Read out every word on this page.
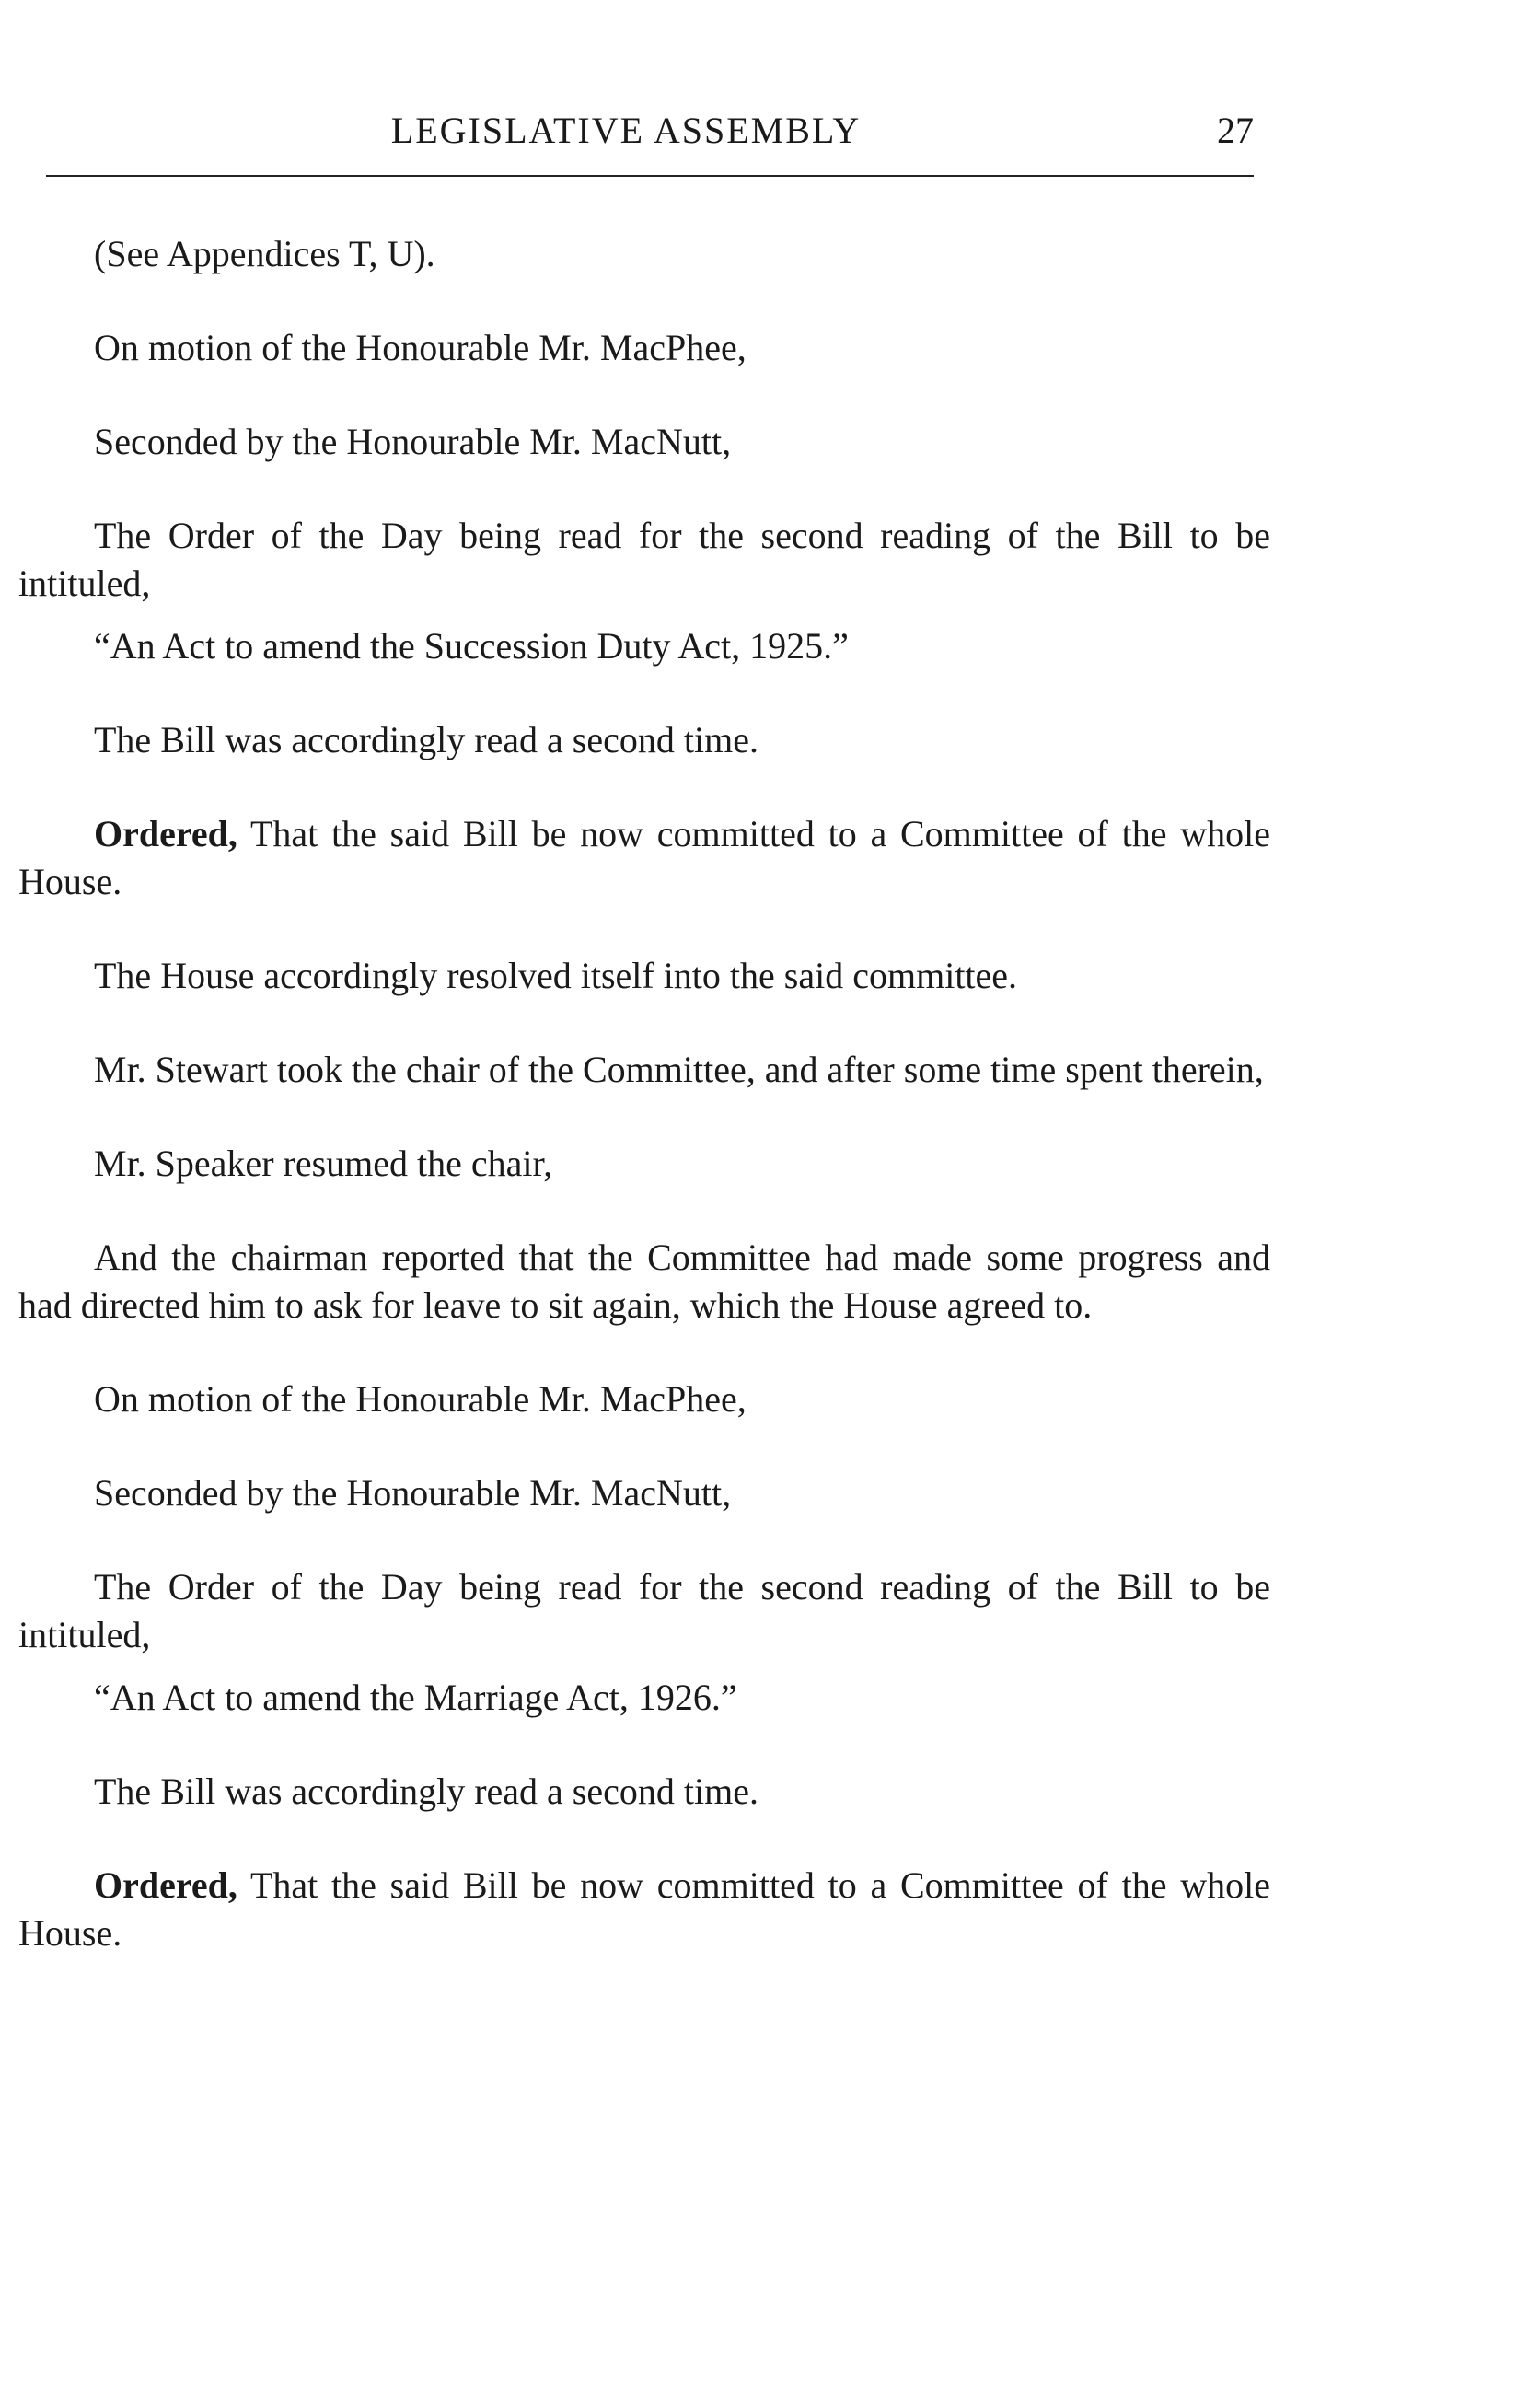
LEGISLATIVE ASSEMBLY	27

(See Appendices T, U).

On motion of the Honourable Mr. MacPhee,

Seconded by the Honourable Mr. MacNutt,

The Order of the Day being read for the second reading of the Bill to be intituled,

“An Act to amend the Succession Duty Act, 1925.”

The Bill was accordingly read a second time.

Ordered, That the said Bill be now committed to a Committee of the whole House.

The House accordingly resolved itself into the said committee.

Mr. Stewart took the chair of the Committee, and after some time spent therein,

Mr. Speaker resumed the chair,

And the chairman reported that the Committee had made some progress and had directed him to ask for leave to sit again, which the House agreed to.

On motion of the Honourable Mr. MacPhee,

Seconded by the Honourable Mr. MacNutt,

The Order of the Day being read for the second reading of the Bill to be intituled,

“An Act to amend the Marriage Act, 1926.”

The Bill was accordingly read a second time.

Ordered, That the said Bill be now committed to a Committee of the whole House.
